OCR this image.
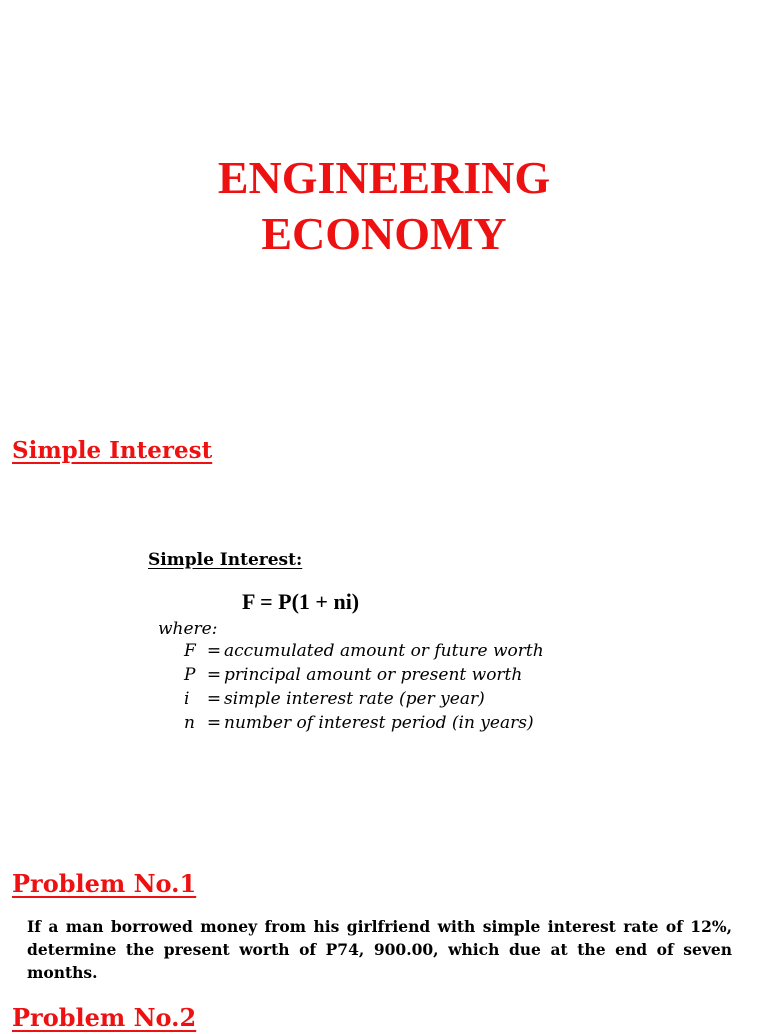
ENGINEERING
ECONOMY
Simple Interest
Simple Interest:
F = P(1 + ni)
where:
F = accumulated amount or future worth
P = principal amount or present worth
i = simple interest rate (per year)
n = number of interest period (in years)
Problem No.1

If a man borrowed money from his girlfriend with simple interest rate of 12%, determine the present worth of P74, 900.00, which due at the end of seven months.

Problem No.2
